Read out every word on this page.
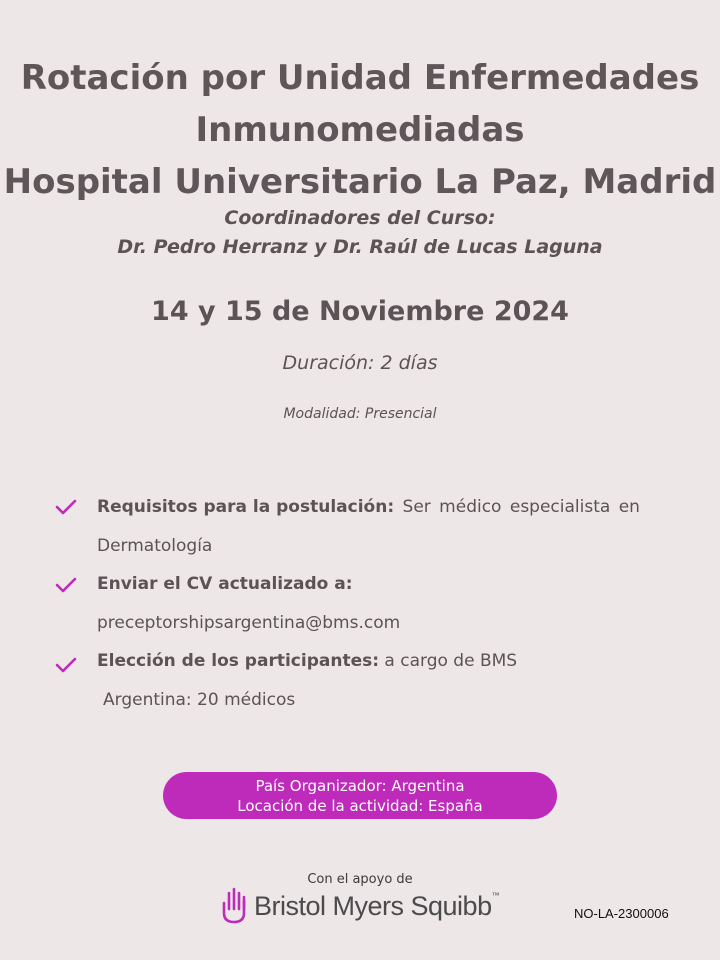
Rotación por Unidad Enfermedades
Inmunomediadas
Hospital Universitario La Paz, Madrid
Coordinadores del Curso:
Dr. Pedro Herranz y Dr. Raúl de Lucas Laguna
14 y 15 de Noviembre 2024
Duración: 2 días
Modalidad: Presencial
Requisitos para la postulación: Ser médico especialista en
Dermatología
Enviar el CV actualizado a:
preceptorshipsargentina@bms.com
Elección de los participantes: a cargo de BMS
Argentina: 20 médicos
País Organizador: Argentina
Locación de la actividad: España
Con el apoyo de
Bristol Myers Squibb™
NO-LA-2300006
